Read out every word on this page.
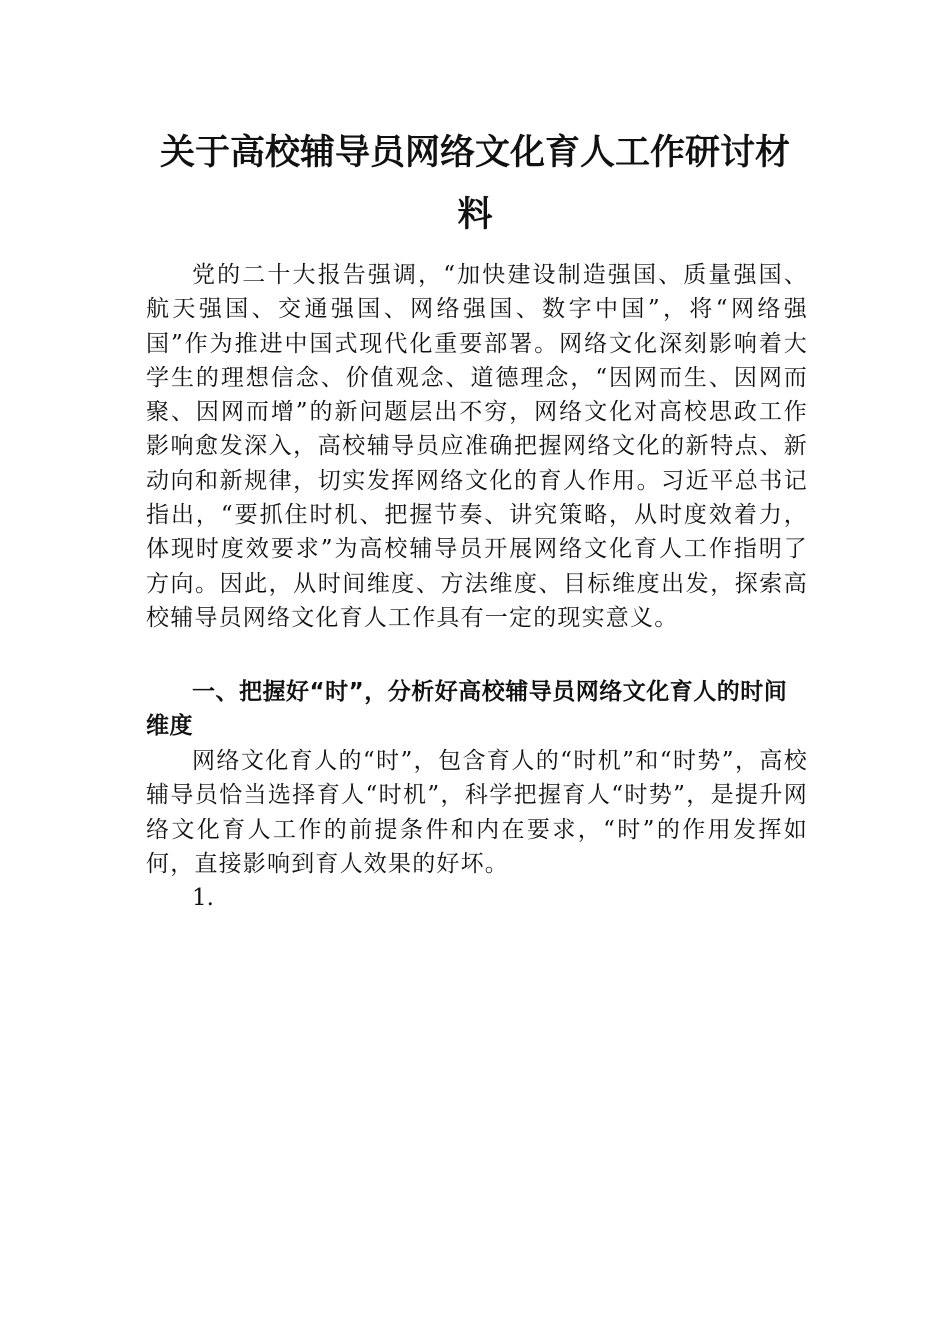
关于高校辅导员网络文化育人工作研讨材料

党的二十大报告强调，“加快建设制造强国、质量强国、航天强国、交通强国、网络强国、数字中国”，将“网络强国”作为推进中国式现代化重要部署。网络文化深刻影响着大学生的理想信念、价值观念、道德理念，“因网而生、因网而聚、因网而增”的新问题层出不穷，网络文化对高校思政工作影响愈发深入，高校辅导员应准确把握网络文化的新特点、新动向和新规律，切实发挥网络文化的育人作用。习近平总书记指出，“要抓住时机、把握节奏、讲究策略，从时度效着力，体现时度效要求”为高校辅导员开展网络文化育人工作指明了方向。因此，从时间维度、方法维度、目标维度出发，探索高校辅导员网络文化育人工作具有一定的现实意义。

一、把握好“时”，分析好高校辅导员网络文化育人的时间维度

网络文化育人的“时”，包含育人的“时机”和“时势”，高校辅导员恰当选择育人“时机”，科学把握育人“时势”，是提升网络文化育人工作的前提条件和内在要求，“时”的作用发挥如何，直接影响到育人效果的好坏。

1.
